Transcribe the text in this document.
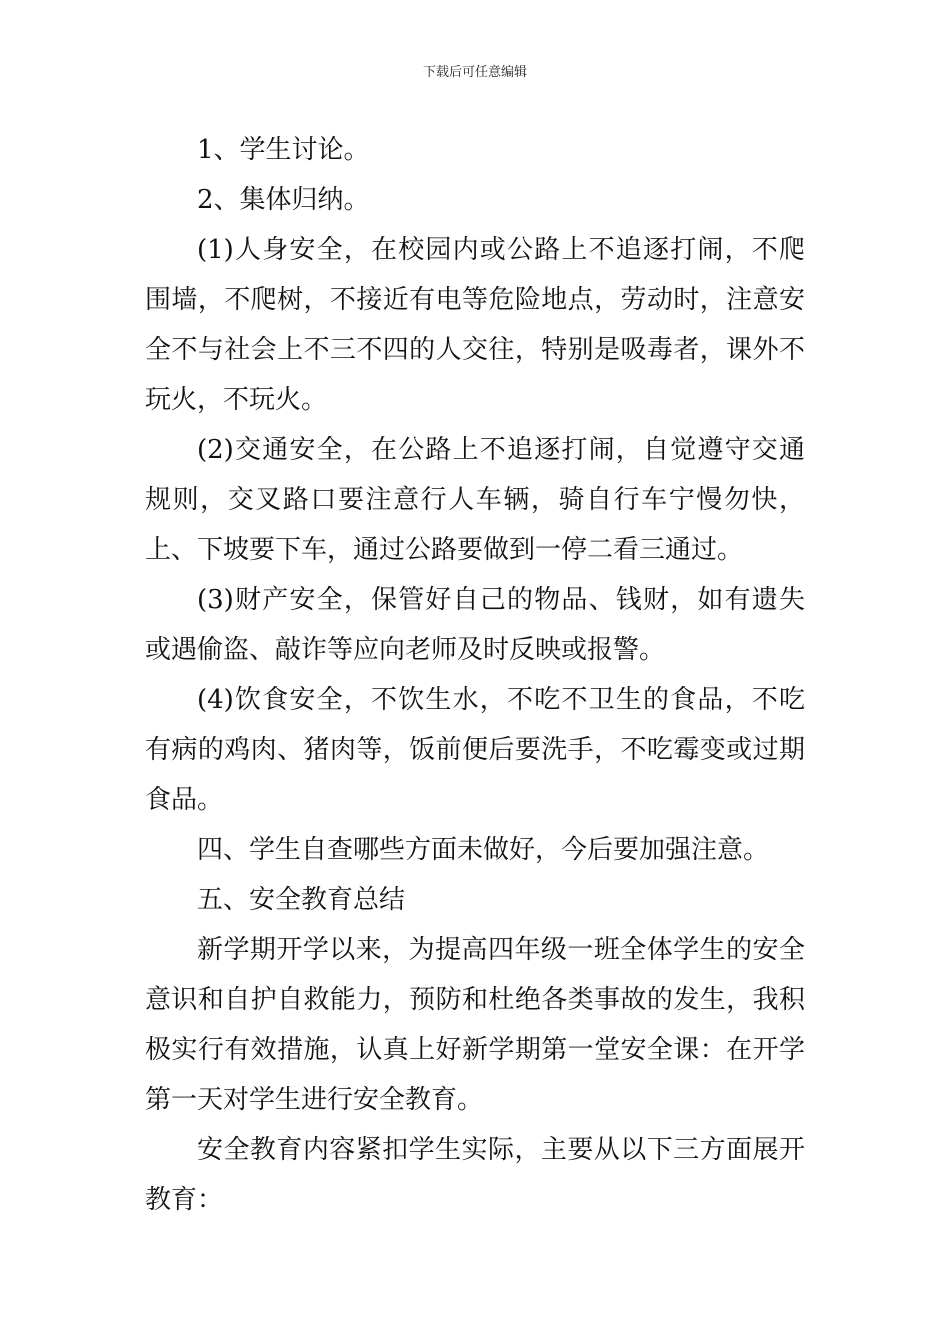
下载后可任意编辑

1、学生讨论。

2、集体归纳。

(1)人身安全，在校园内或公路上不追逐打闹，不爬围墙，不爬树，不接近有电等危险地点，劳动时，注意安全不与社会上不三不四的人交往，特别是吸毒者，课外不玩火，不玩火。

(2)交通安全，在公路上不追逐打闹，自觉遵守交通规则，交叉路口要注意行人车辆，骑自行车宁慢勿快，上、下坡要下车，通过公路要做到一停二看三通过。

(3)财产安全，保管好自己的物品、钱财，如有遗失或遇偷盗、敲诈等应向老师及时反映或报警。

(4)饮食安全，不饮生水，不吃不卫生的食品，不吃有病的鸡肉、猪肉等，饭前便后要洗手，不吃霉变或过期食品。

四、学生自查哪些方面未做好，今后要加强注意。

五、安全教育总结

新学期开学以来，为提高四年级一班全体学生的安全意识和自护自救能力，预防和杜绝各类事故的发生，我积极实行有效措施，认真上好新学期第一堂安全课：在开学第一天对学生进行安全教育。

安全教育内容紧扣学生实际，主要从以下三方面展开教育：
